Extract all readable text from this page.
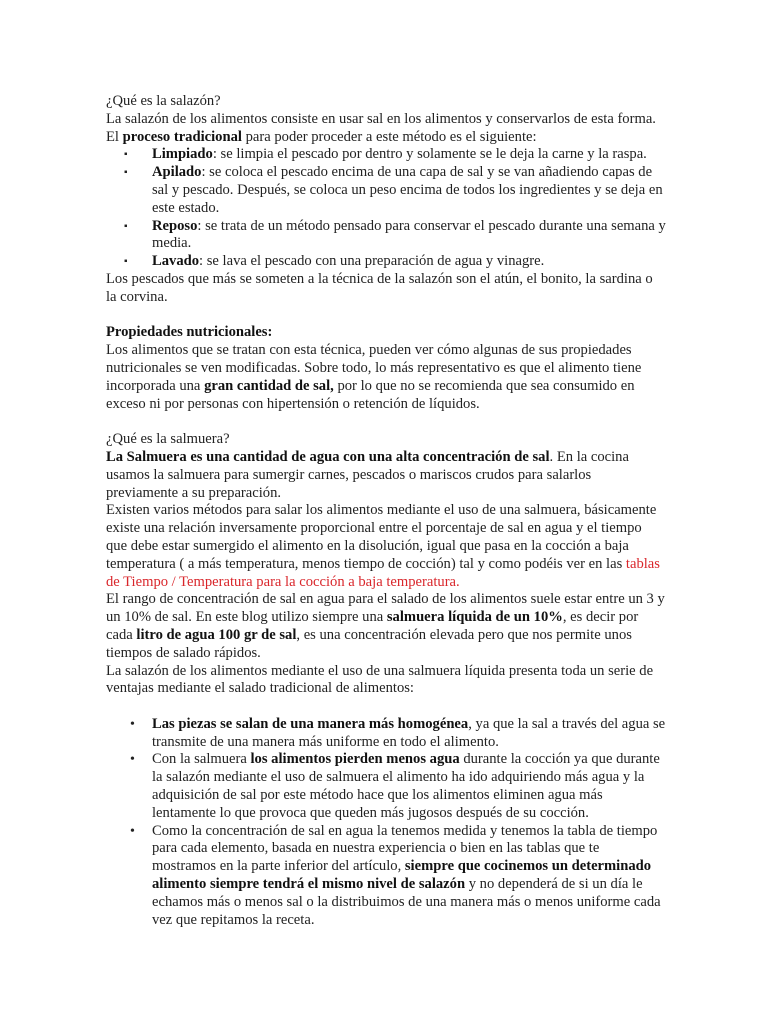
¿Qué es la salazón?

La salazón de los alimentos consiste en usar sal en los alimentos y conservarlos de esta forma. El proceso tradicional para poder proceder a este método es el siguiente:

▪ Limpiado: se limpia el pescado por dentro y solamente se le deja la carne y la raspa.
▪ Apilado: se coloca el pescado encima de una capa de sal y se van añadiendo capas de sal y pescado. Después, se coloca un peso encima de todos los ingredientes y se deja en este estado.
▪ Reposo: se trata de un método pensado para conservar el pescado durante una semana y media.
▪ Lavado: se lava el pescado con una preparación de agua y vinagre.

Los pescados que más se someten a la técnica de la salazón son el atún, el bonito, la sardina o la corvina.

Propiedades nutricionales:

Los alimentos que se tratan con esta técnica, pueden ver cómo algunas de sus propiedades nutricionales se ven modificadas. Sobre todo, lo más representativo es que el alimento tiene incorporada una gran cantidad de sal, por lo que no se recomienda que sea consumido en exceso ni por personas con hipertensión o retención de líquidos.

¿Qué es la salmuera?

La Salmuera es una cantidad de agua con una alta concentración de sal. En la cocina usamos la salmuera para sumergir carnes, pescados o mariscos crudos para salarlos previamente a su preparación.

Existen varios métodos para salar los alimentos mediante el uso de una salmuera, básicamente existe una relación inversamente proporcional entre el porcentaje de sal en agua y el tiempo que debe estar sumergido el alimento en la disolución, igual que pasa en la cocción a baja temperatura ( a más temperatura, menos tiempo de cocción) tal y como podéis ver en las tablas de Tiempo / Temperatura para la cocción a baja temperatura.

El rango de concentración de sal en agua para el salado de los alimentos suele estar entre un 3 y un 10% de sal. En este blog utilizo siempre una salmuera líquida de un 10%, es decir por cada litro de agua 100 gr de sal, es una concentración elevada pero que nos permite unos tiempos de salado rápidos.

La salazón de los alimentos mediante el uso de una salmuera líquida presenta toda un serie de ventajas mediante el salado tradicional de alimentos:

• Las piezas se salan de una manera más homogénea, ya que la sal a través del agua se transmite de una manera más uniforme en todo el alimento.
• Con la salmuera los alimentos pierden menos agua durante la cocción ya que durante la salazón mediante el uso de salmuera el alimento ha ido adquiriendo más agua y la adquisición de sal por este método hace que los alimentos eliminen agua más lentamente lo que provoca que queden más jugosos después de su cocción.
• Como la concentración de sal en agua la tenemos medida y tenemos la tabla de tiempo para cada elemento, basada en nuestra experiencia o bien en las tablas que te mostramos en la parte inferior del artículo, siempre que cocinemos un determinado alimento siempre tendrá el mismo nivel de salazón y no dependerá de si un día le echamos más o menos sal o la distribuimos de una manera más o menos uniforme cada vez que repitamos la receta.
